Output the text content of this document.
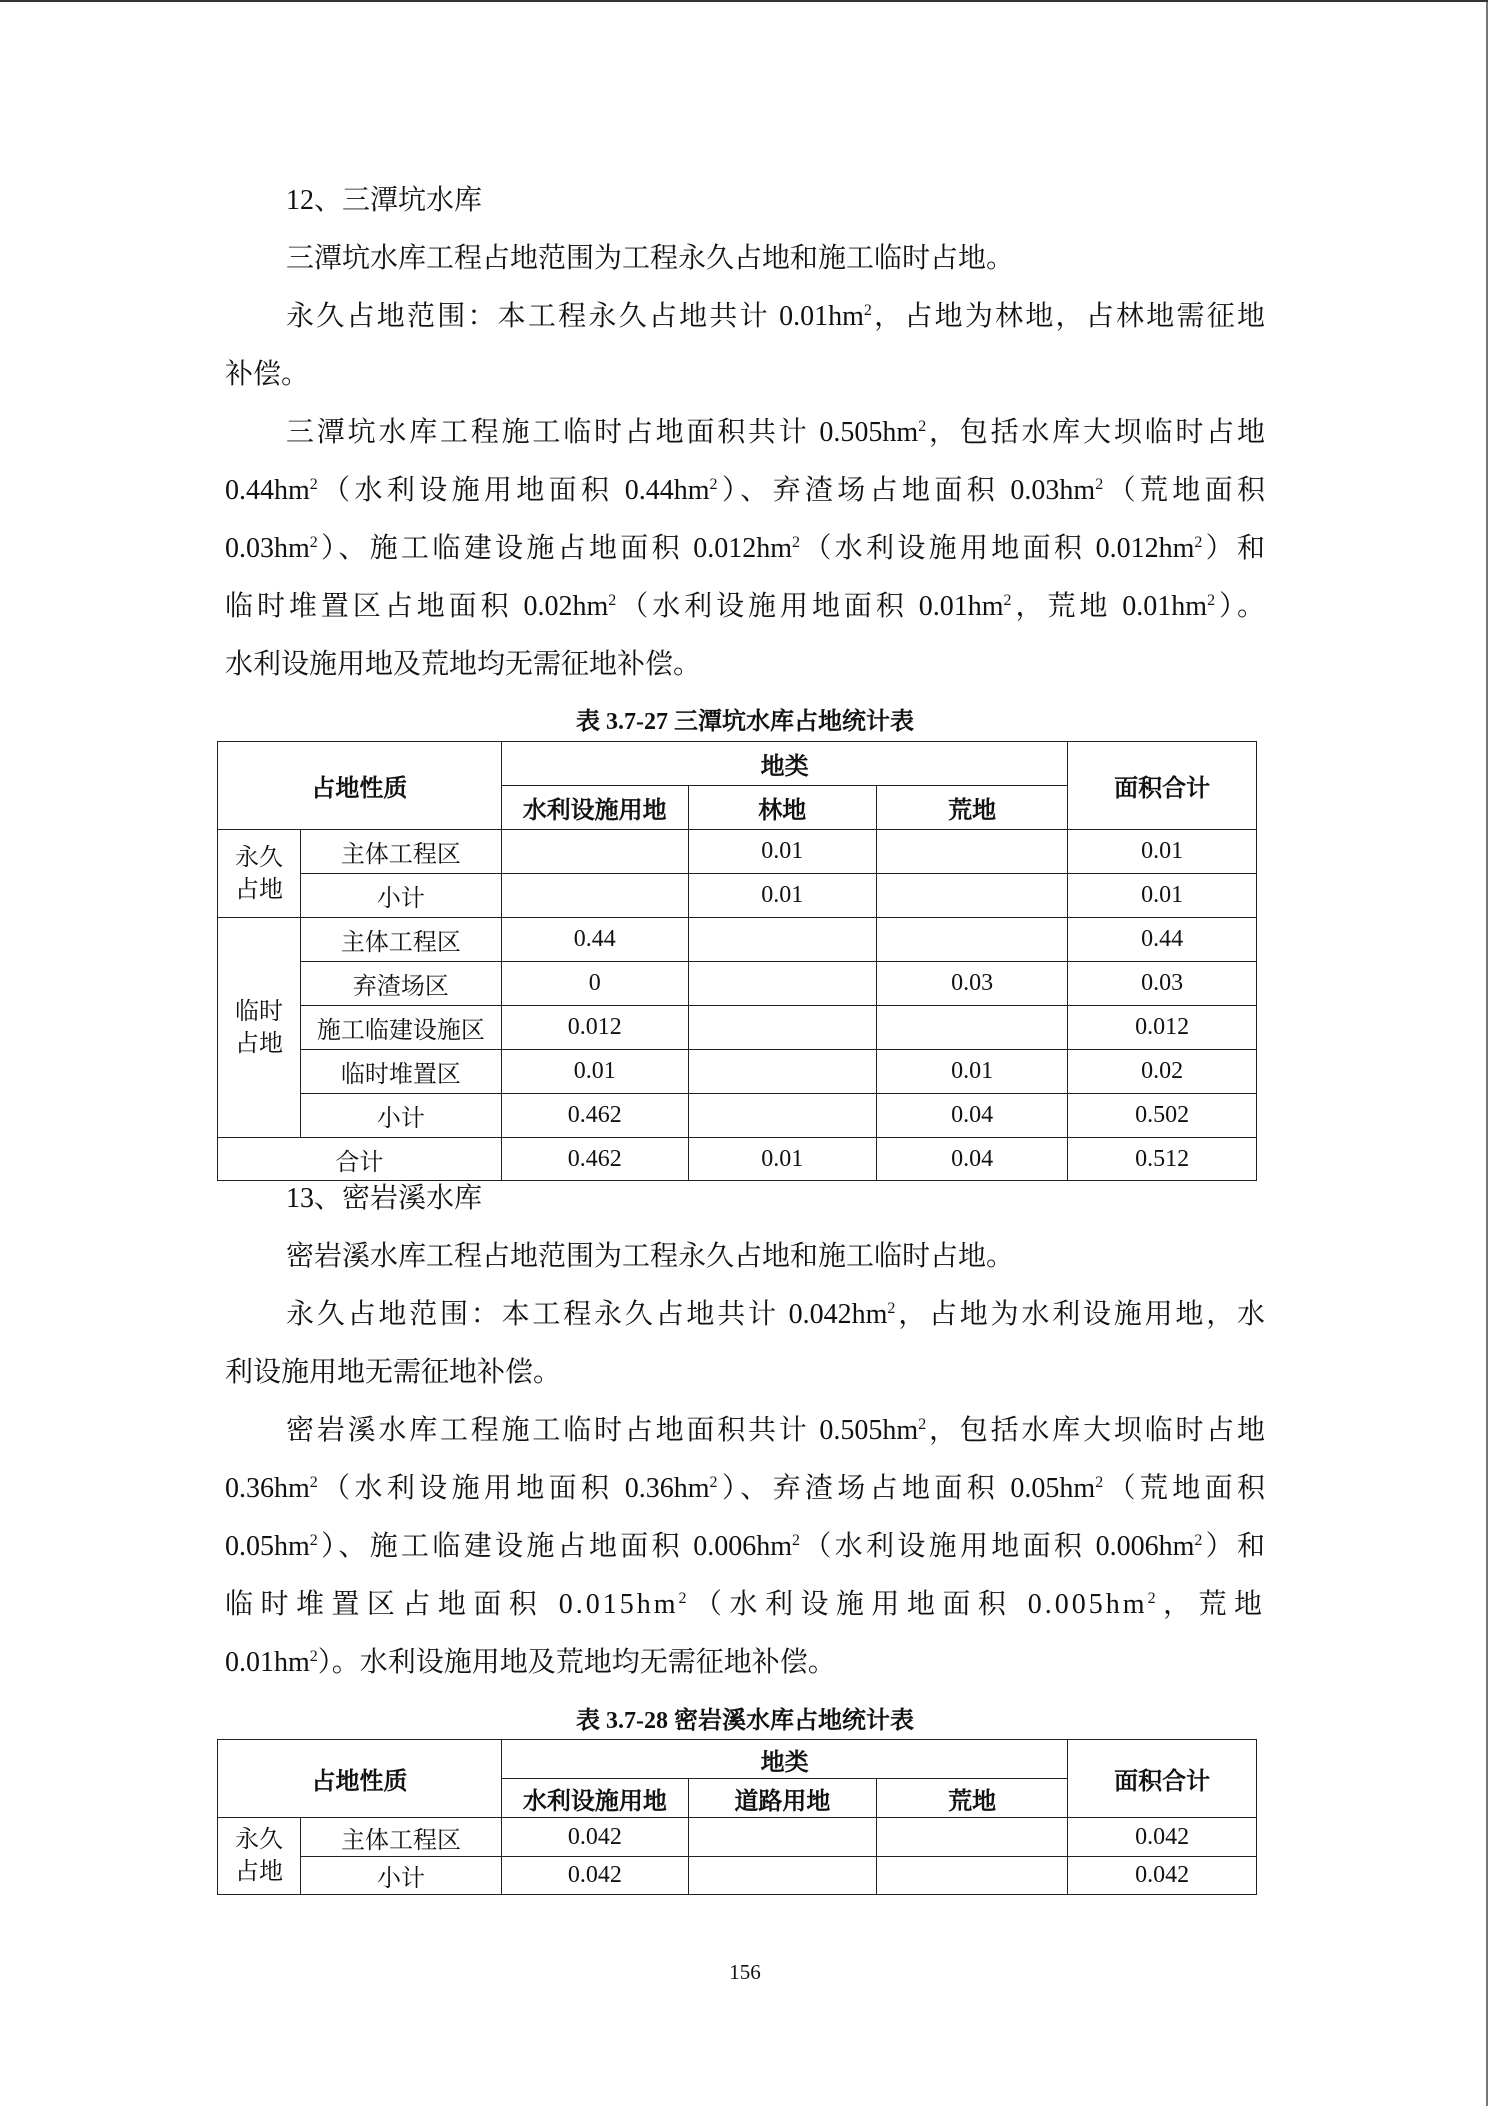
12、三潭坑水库
三潭坑水库工程占地范围为工程永久占地和施工临时占地。
永久占地范围：本工程永久占地共计 $0.01hm^2$，占地为林地，占林地需征地
补偿。
三潭坑水库工程施工临时占地面积共计 $0.505hm^2$，包括水库大坝临时占地
$0.44hm^2$（水利设施用地面积 $0.44hm^2$）、弃渣场占地面积 $0.03hm^2$（荒地面积
$0.03hm^2$）、施工临建设施占地面积 $0.012hm^2$（水利设施用地面积 $0.012hm^2$）和
临时堆置区占地面积 $0.02hm^2$（水利设施用地面积 $0.01hm^2$，荒地 $0.01hm^2$）。
水利设施用地及荒地均无需征地补偿。
表 3.7-27 三潭坑水库占地统计表
占地性质		地类			面积合计
		水利设施用地	林地	荒地	
永久
占地	主体工程区		0.01		0.01
	小计		0.01		0.01
临时
占地	主体工程区	0.44			0.44
	弃渣场区	0		0.03	0.03
	施工临建设施区	0.012			0.012
	临时堆置区	0.01		0.01	0.02
	小计	0.462		0.04	0.502
合计		0.462	0.01	0.04	0.512
13、密岩溪水库
密岩溪水库工程占地范围为工程永久占地和施工临时占地。
永久占地范围：本工程永久占地共计 $0.042hm^2$，占地为水利设施用地，水
利设施用地无需征地补偿。
密岩溪水库工程施工临时占地面积共计 $0.505hm^2$，包括水库大坝临时占地
$0.36hm^2$（水利设施用地面积 $0.36hm^2$）、弃渣场占地面积 $0.05hm^2$（荒地面积
$0.05hm^2$）、施工临建设施占地面积 $0.006hm^2$（水利设施用地面积 $0.006hm^2$）和
临时堆置区占地面积 $0.015hm^2$（水利设施用地面积 $0.005hm^2$，荒地
$0.01hm^2$）。水利设施用地及荒地均无需征地补偿。
表 3.7-28 密岩溪水库占地统计表
占地性质		地类			面积合计
		水利设施用地	道路用地	荒地	
永久
占地	主体工程区	0.042			0.042
	小计	0.042			0.042
156
